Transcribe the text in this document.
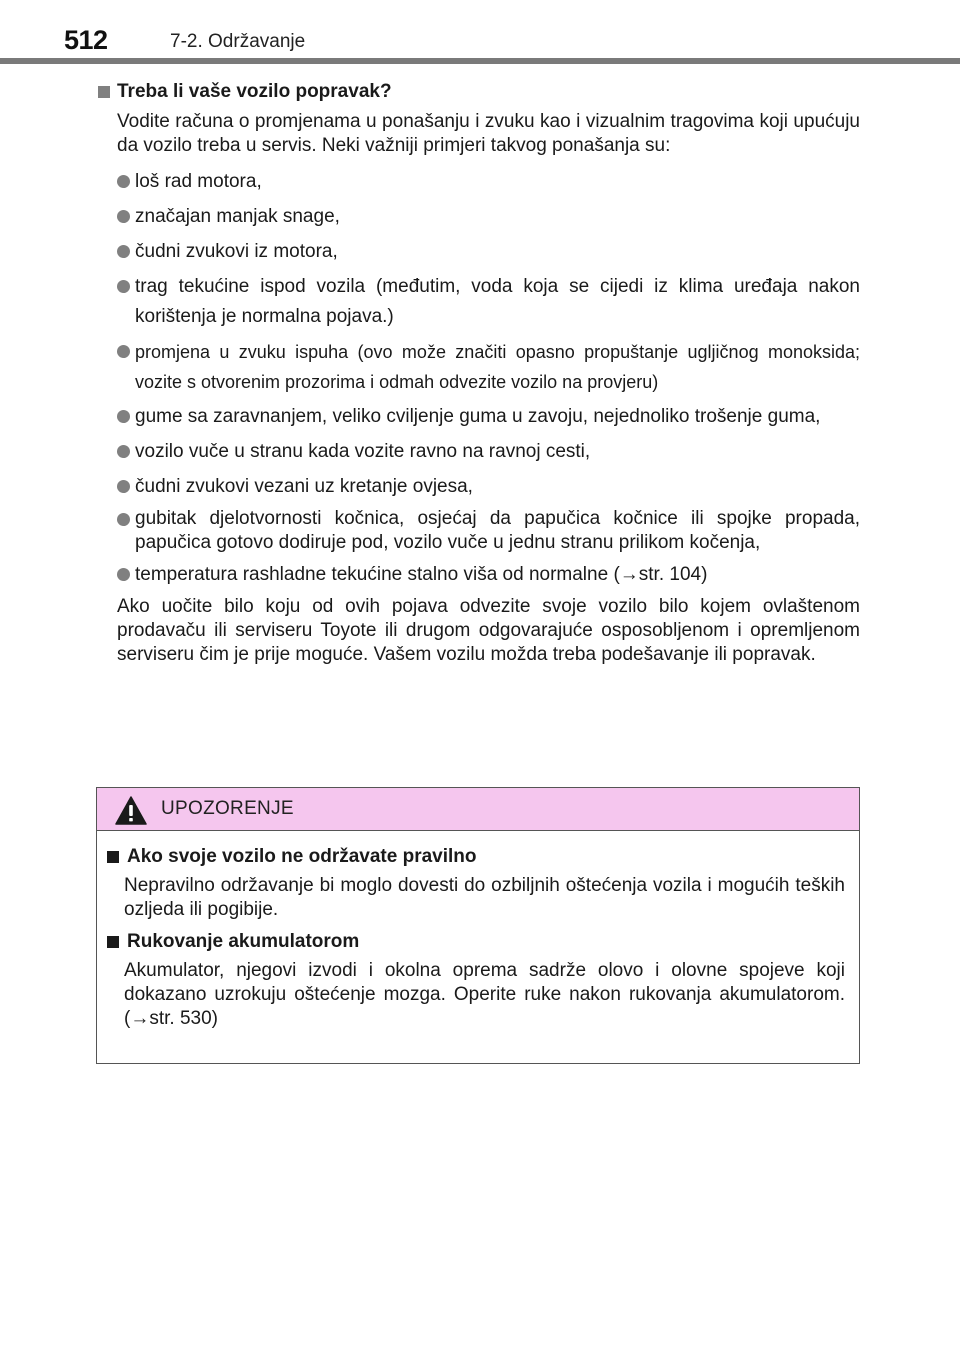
512	7-2. Održavanje
Treba li vaše vozilo popravak?

Vodite računa o promjenama u ponašanju i zvuku kao i vizualnim tragovima koji upućuju da vozilo treba u servis. Neki važniji primjeri takvog ponašanja su:

loš rad motora,
značajan manjak snage,
čudni zvukovi iz motora,
trag tekućine ispod vozila (međutim, voda koja se cijedi iz klima uređaja nakon korištenja je normalna pojava.)
promjena u zvuku ispuha (ovo može značiti opasno propuštanje ugljičnog monoksida; vozite s otvorenim prozorima i odmah odvezite vozilo na provjeru)
gume sa zaravnanjem, veliko cviljenje guma u zavoju, nejednoliko trošenje guma,
vozilo vuče u stranu kada vozite ravno na ravnoj cesti,
čudni zvukovi vezani uz kretanje ovjesa,
gubitak djelotvornosti kočnica, osjećaj da papučica kočnice ili spojke propada, papučica gotovo dodiruje pod, vozilo vuče u jednu stranu prilikom kočenja,
temperatura rashladne tekućine stalno viša od normalne (→str. 104)

Ako uočite bilo koju od ovih pojava odvezite svoje vozilo bilo kojem ovlaštenom prodavaču ili serviseru Toyote ili drugom odgovarajuće osposobljenom i opremljenom serviseru čim je prije moguće. Vašem vozilu možda treba podešavanje ili popravak.

UPOZORENJE
Ako svoje vozilo ne održavate pravilno

Nepravilno održavanje bi moglo dovesti do ozbiljnih oštećenja vozila i mogućih teških ozljeda ili pogibije.

Rukovanje akumulatorom

Akumulator, njegovi izvodi i okolna oprema sadrže olovo i olovne spojeve koji dokazano uzrokuju oštećenje mozga. Operite ruke nakon rukovanja akumulatorom. (→str. 530)
